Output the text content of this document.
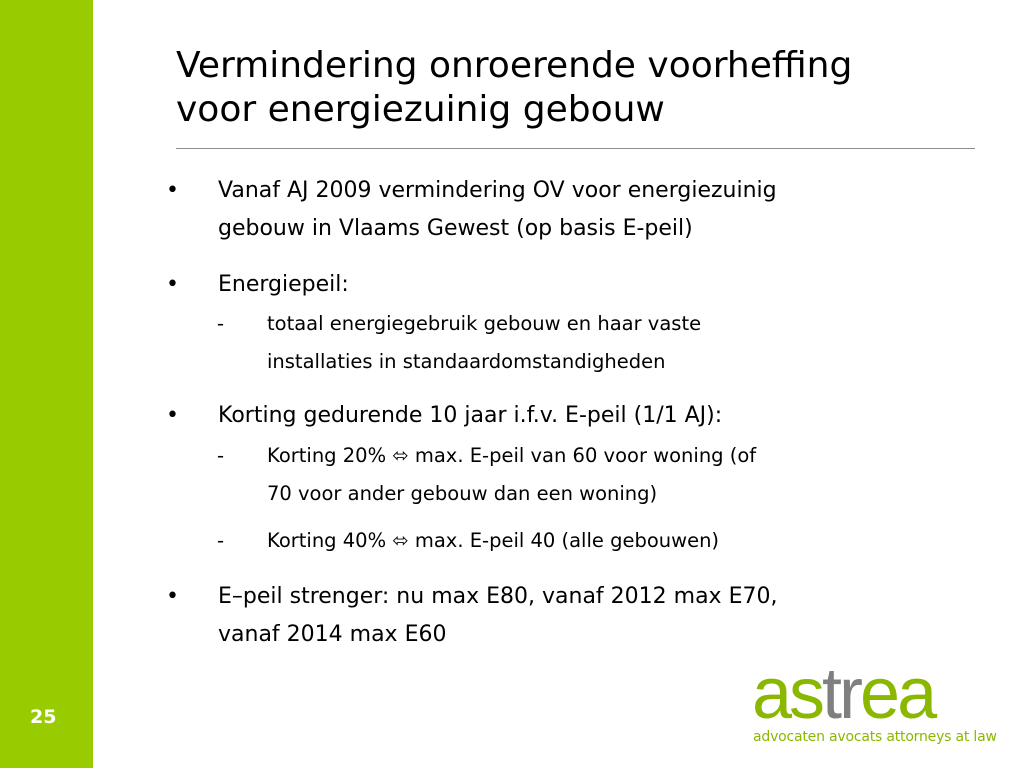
25
Vermindering onroerende voorheffing
voor energiezuinig gebouw
•	Vanaf AJ 2009 vermindering OV voor energiezuinig
gebouw in Vlaams Gewest (op basis E-peil)
•	Energiepeil:
- totaal energiegebruik gebouw en haar vaste
installaties in standaardomstandigheden
•	Korting gedurende 10 jaar i.f.v. E-peil (1/1 AJ):
- Korting 20% ⬄ max. E-peil van 60 voor woning (of
70 voor ander gebouw dan een woning)
- Korting 40% ⬄ max. E-peil 40 (alle gebouwen)
•	E–peil strenger: nu max E80, vanaf 2012 max E70,
vanaf 2014 max E60
astrea
advocaten avocats attorneys at law
